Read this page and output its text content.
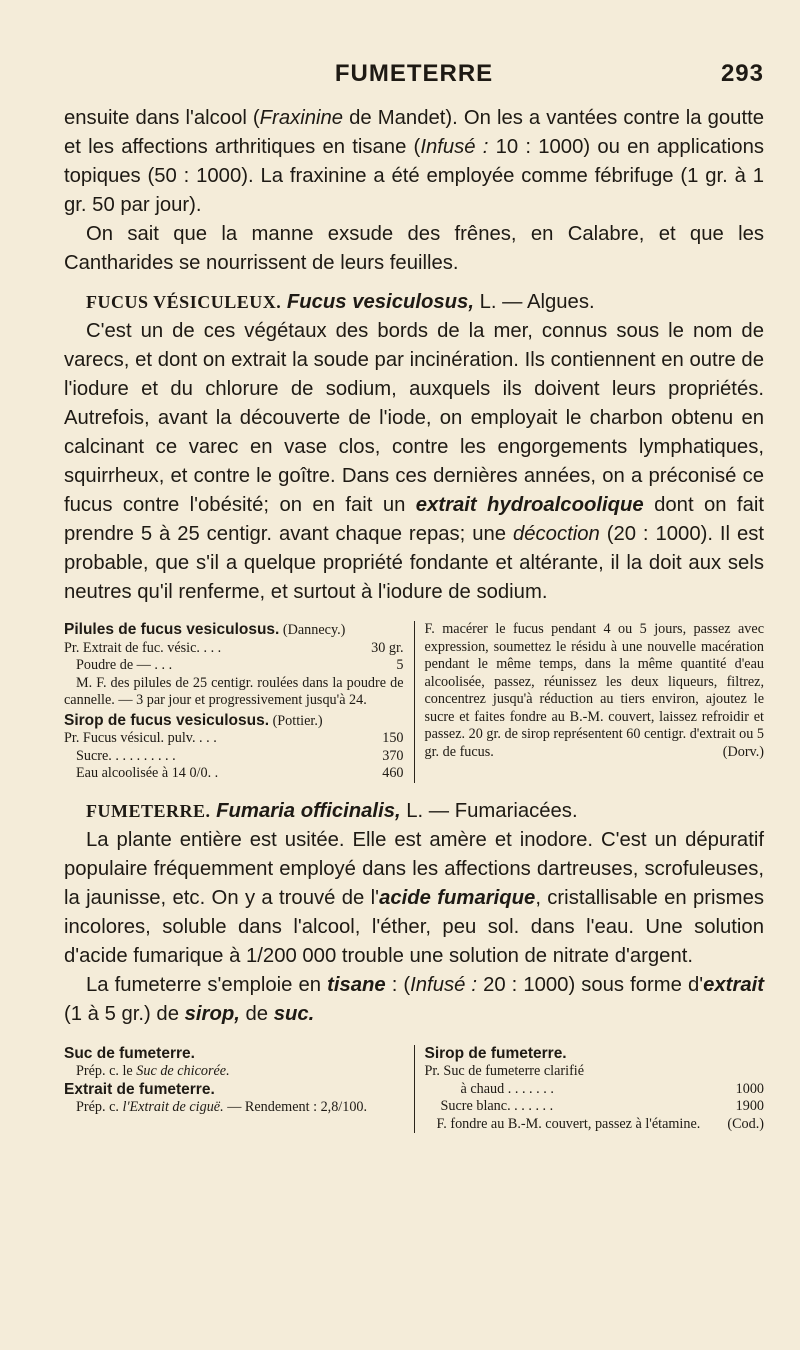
FUMETERRE	293

ensuite dans l'alcool (Fraxinine de Mandet). On les a vantées contre la goutte et les affections arthritiques en tisane (Infusé : 10 : 1000) ou en applications topiques (50 : 1000). La fraxinine a été employée comme fébrifuge (1 gr. à 1 gr. 50 par jour).

On sait que la manne exsude des frênes, en Calabre, et que les Cantharides se nourrissent de leurs feuilles.

FUCUS VÉSICULEUX. Fucus vesiculosus, L. — Algues.

C'est un de ces végétaux des bords de la mer, connus sous le nom de varecs, et dont on extrait la soude par incinération. Ils contiennent en outre de l'iodure et du chlorure de sodium, auxquels ils doivent leurs propriétés. Autrefois, avant la découverte de l'iode, on employait le charbon obtenu en calcinant ce varec en vase clos, contre les engorgements lymphatiques, squirrheux, et contre le goître. Dans ces dernières années, on a préconisé ce fucus contre l'obésité; on en fait un extrait hydroalcoolique dont on fait prendre 5 à 25 centigr. avant chaque repas; une décoction (20 : 1000). Il est probable, que s'il a quelque propriété fondante et altérante, il la doit aux sels neutres qu'il renferme, et surtout à l'iodure de sodium.

Pilules de fucus vesiculosus. (Dannecy.)

Pr. Extrait de fuc. vésic. . . .	30 gr.
Poudre de — . . .	5

M. F. des pilules de 25 centigr. roulées dans la poudre de cannelle. — 3 par jour et progressivement jusqu'à 24.

Sirop de fucus vesiculosus. (Pottier.)

Pr. Fucus vésicul. pulv. . . .	150
Sucre. . . . . . . . . .	370
Eau alcoolisée à 14 0/0. .	460

F. macérer le fucus pendant 4 ou 5 jours, passez avec expression, soumettez le résidu à une nouvelle macération pendant le même temps, dans la même quantité d'eau alcoolisée, passez, réunissez les deux liqueurs, filtrez, concentrez jusqu'à réduction au tiers environ, ajoutez le sucre et faites fondre au B.-M. couvert, laissez refroidir et passez. 20 gr. de sirop représentent 60 centigr. d'extrait ou 5 gr. de fucus.	(Dorv.)

FUMETERRE. Fumaria officinalis, L. — Fumariacées.

La plante entière est usitée. Elle est amère et inodore. C'est un dépuratif populaire fréquemment employé dans les affections dartreuses, scrofuleuses, la jaunisse, etc. On y a trouvé de l'acide fumarique, cristallisable en prismes incolores, soluble dans l'alcool, l'éther, peu sol. dans l'eau. Une solution d'acide fumarique à 1/200 000 trouble une solution de nitrate d'argent.

La fumeterre s'emploie en tisane : (Infusé : 20 : 1000) sous forme d'extrait (1 à 5 gr.) de sirop, de suc.

Suc de fumeterre.

Prép. c. le Suc de chicorée.

Extrait de fumeterre.

Prép. c. l'Extrait de ciguë. — Rendement : 2,8/100.

Sirop de fumeterre.

Pr. Suc de fumeterre clarifié
à chaud . . . . . . .	1000
Sucre blanc. . . . . . .	1900

F. fondre au B.-M. couvert, passez à l'étamine.	(Cod.)
